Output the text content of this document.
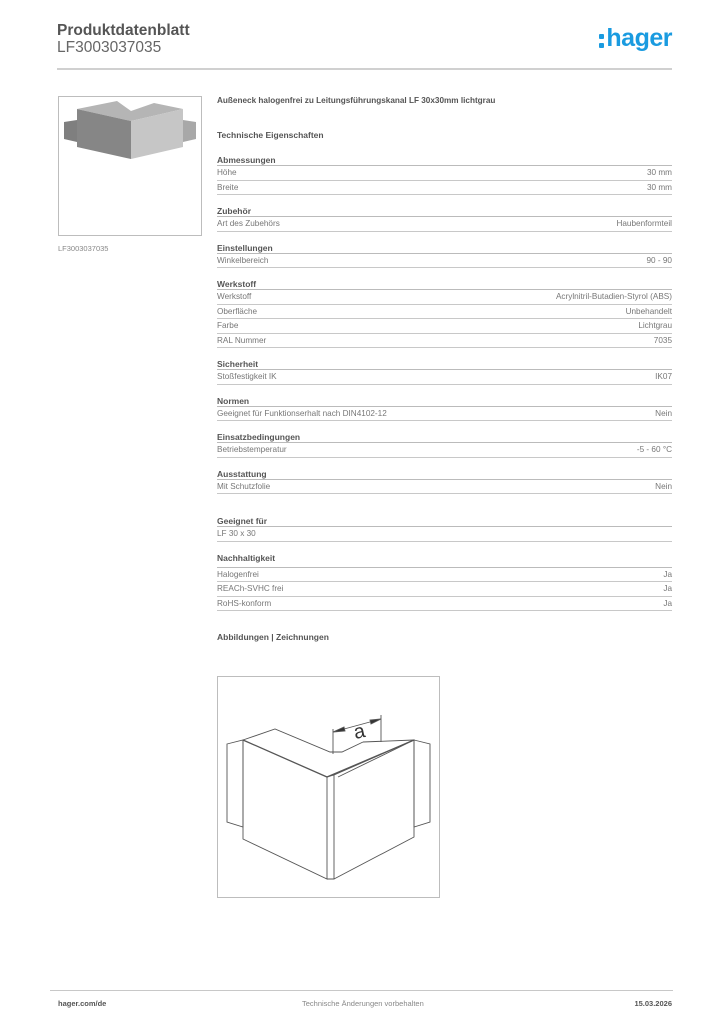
Produktdatenblatt
LF3003037035	hager
LF3003037035
Außeneck halogenfrei zu Leitungsführungskanal LF 30x30mm lichtgrau
Technische Eigenschaften
Abmessungen
Höhe	30 mm
Breite	30 mm
Zubehör
Art des Zubehörs	Haubenformteil
Einstellungen
Winkelbereich	90 - 90
Werkstoff
Werkstoff	Acrylnitril-Butadien-Styrol (ABS)
Oberfläche	Unbehandelt
Farbe	Lichtgrau
RAL Nummer	7035
Sicherheit
Stoßfestigkeit IK	IK07
Normen
Geeignet für Funktionserhalt nach DIN4102-12	Nein
Einsatzbedingungen
Betriebstemperatur	-5 - 60 °C
Ausstattung
Mit Schutzfolie	Nein
Geeignet für
LF 30 x 30
Nachhaltigkeit
Halogenfrei	Ja
REACh-SVHC frei	Ja
RoHS-konform	Ja
Abbildungen | Zeichnungen
a
hager.com/de	Technische Änderungen vorbehalten	15.03.2026
